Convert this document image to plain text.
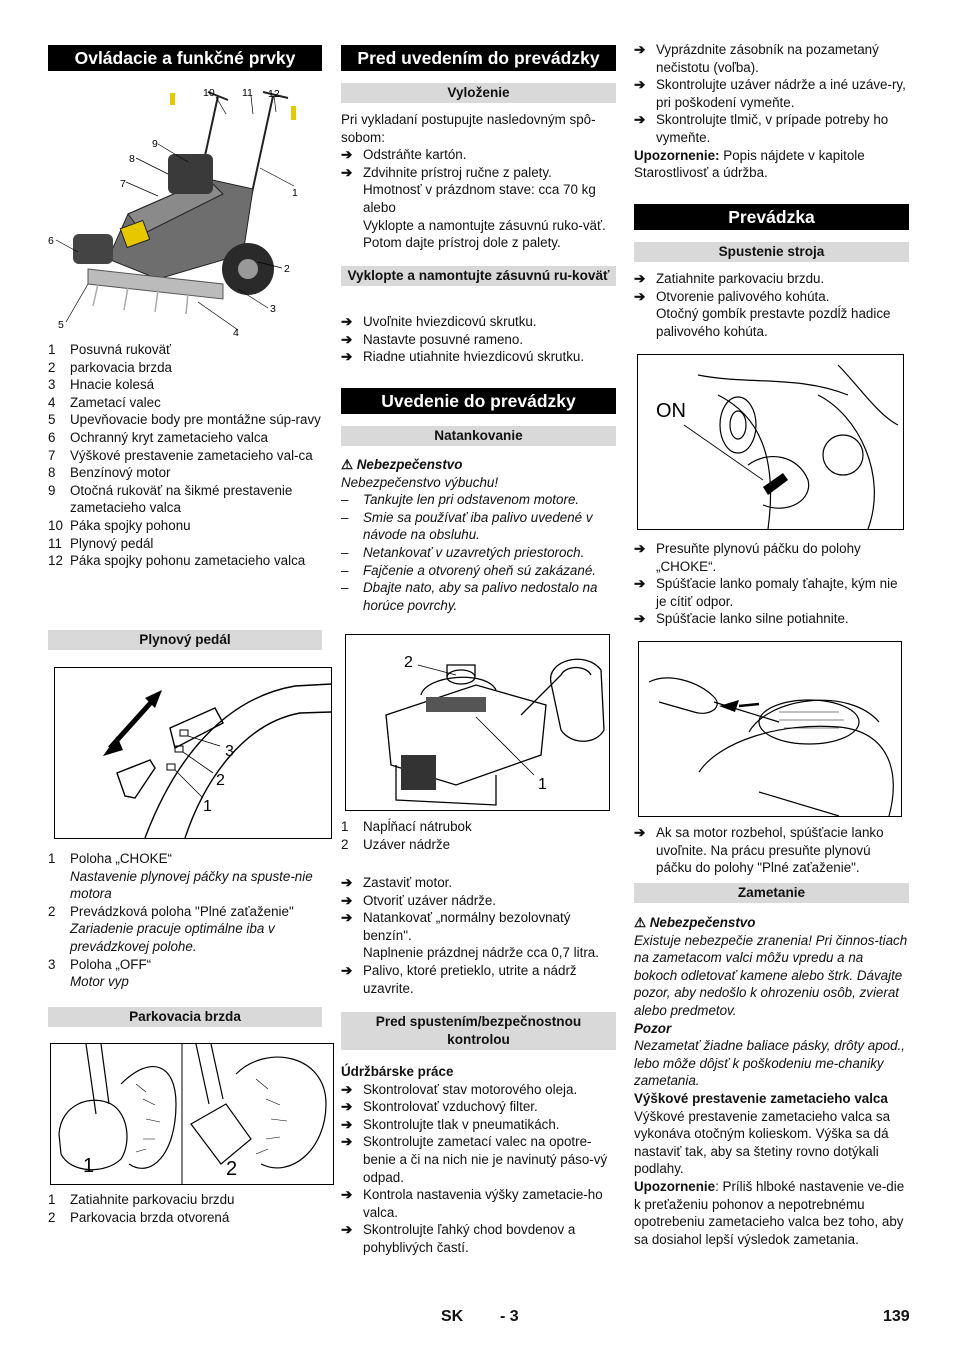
Ovládacie a funkčné prvky
1
2
3
4
5
6
7
8
9
10	11 12
1 Posuvná rukoväť
2 parkovacia brzda
3 Hnacie kolesá
4 Zametací valec
5 Upevňovacie body pre montážne súp-ravy
6 Ochranný kryt zametacieho valca
7 Výškové prestavenie zametacieho val-ca
8 Benzínový motor
9 Otočná rukoväť na šikmé prestavenie zametacieho valca
10 Páka spojky pohonu
11 Plynový pedál
12 Páka spojky pohonu zametacieho valca
Plynový pedál
3
2
1
1 Poloha „CHOKE“
Nastavenie plynovej páčky na spuste-nie motora
2 Prevádzková poloha "Plné zaťaženie"
Zariadenie pracuje optimálne iba v prevádzkovej polohe.
3 Poloha „OFF“
Motor vyp
Parkovacia brzda
1	2
1 Zatiahnite parkovaciu brzdu
2 Parkovacia brzda otvorená
Pred uvedením do prevádzky
Vyloženie
Pri vykladaní postupujte nasledovným spô-sobom:
➔ Odstráňte kartón.
➔ Zdvihnite prístroj ručne z palety.
Hmotnosť v prázdnom stave: cca 70 kg alebo
Vyklopte a namontujte zásuvnú ruko-väť. Potom dajte prístroj dole z palety.
Vyklopte a namontujte zásuvnú ru-koväť
➔ Uvoľnite hviezdicovú skrutku.
➔ Nastavte posuvné rameno.
➔ Riadne utiahnite hviezdicovú skrutku.
Uvedenie do prevádzky
Natankovanie
⚠ Nebezpečenstvo
Nebezpečenstvo výbuchu!
– Tankujte len pri odstavenom motore.
– Smie sa používať iba palivo uvedené v návode na obsluhu.
– Netankovať v uzavretých priestoroch.
– Fajčenie a otvorený oheň sú zakázané.
– Dbajte nato, aby sa palivo nedostalo na horúce povrchy.
2
1
1 Napĺňací nátrubok
2 Uzáver nádrže
➔ Zastaviť motor.
➔ Otvoriť uzáver nádrže.
➔ Natankovať „normálny bezolovnatý benzín".
Naplnenie prázdnej nádrže cca 0,7 litra.
➔ Palivo, ktoré pretieklo, utrite a nádrž uzavrite.
Pred spustením/bezpečnostnou kontrolou
Údržbárske práce
➔ Skontrolovať stav motorového oleja.
➔ Skontrolovať vzduchový filter.
➔ Skontrolujte tlak v pneumatikách.
➔ Skontrolujte zametací valec na opotre-benie a či na nich nie je navinutý páso-vý odpad.
➔ Kontrola nastavenia výšky zametacie-ho valca.
➔ Skontrolujte ľahký chod bovdenov a pohyblivých častí.
➔ Vyprázdnite zásobník na pozametaný nečistotu (voľba).
➔ Skontrolujte uzáver nádrže a iné uzáve-ry, pri poškodení vymeňte.
➔ Skontrolujte tlmič, v prípade potreby ho vymeňte.
Upozornenie: Popis nájdete v kapitole Starostlivosť a údržba.
Prevádzka
Spustenie stroja
➔ Zatiahnite parkovaciu brzdu.
➔ Otvorenie palivového kohúta.
Otočný gombík prestavte pozdĺž hadice palivového kohúta.
ON
➔ Presuňte plynovú páčku do polohy „CHOKE“.
➔ Spúšťacie lanko pomaly ťahajte, kým nie je cítiť odpor.
➔ Spúšťacie lanko silne potiahnite.
➔ Ak sa motor rozbehol, spúšťacie lanko uvoľnite. Na prácu presuňte plynovú páčku do polohy "Plné zaťaženie".
Zametanie
⚠ Nebezpečenstvo
Existuje nebezpečie zranenia! Pri činnos-tiach na zametacom valci môžu vpredu a na bokoch odletovať kamene alebo štrk. Dávajte pozor, aby nedošlo k ohrozeniu osôb, zvierat alebo predmetov.
Pozor
Nezametať žiadne baliace pásky, drôty apod., lebo môže dôjsť k poškodeniu me-chaniky zametania.
Výškové prestavenie zametacieho valca
Výškové prestavenie zametacieho valca sa vykonáva otočným kolieskom. Výška sa dá nastaviť tak, aby sa štetiny rovno dotýkali podlahy.
Upozornenie: Príliš hlboké nastavenie ve-die k preťaženiu pohonov a nepotrebnému opotrebeniu zametacieho valca bez toho, aby sa dosiahol lepší výsledok zametania.
SK - 3	139
